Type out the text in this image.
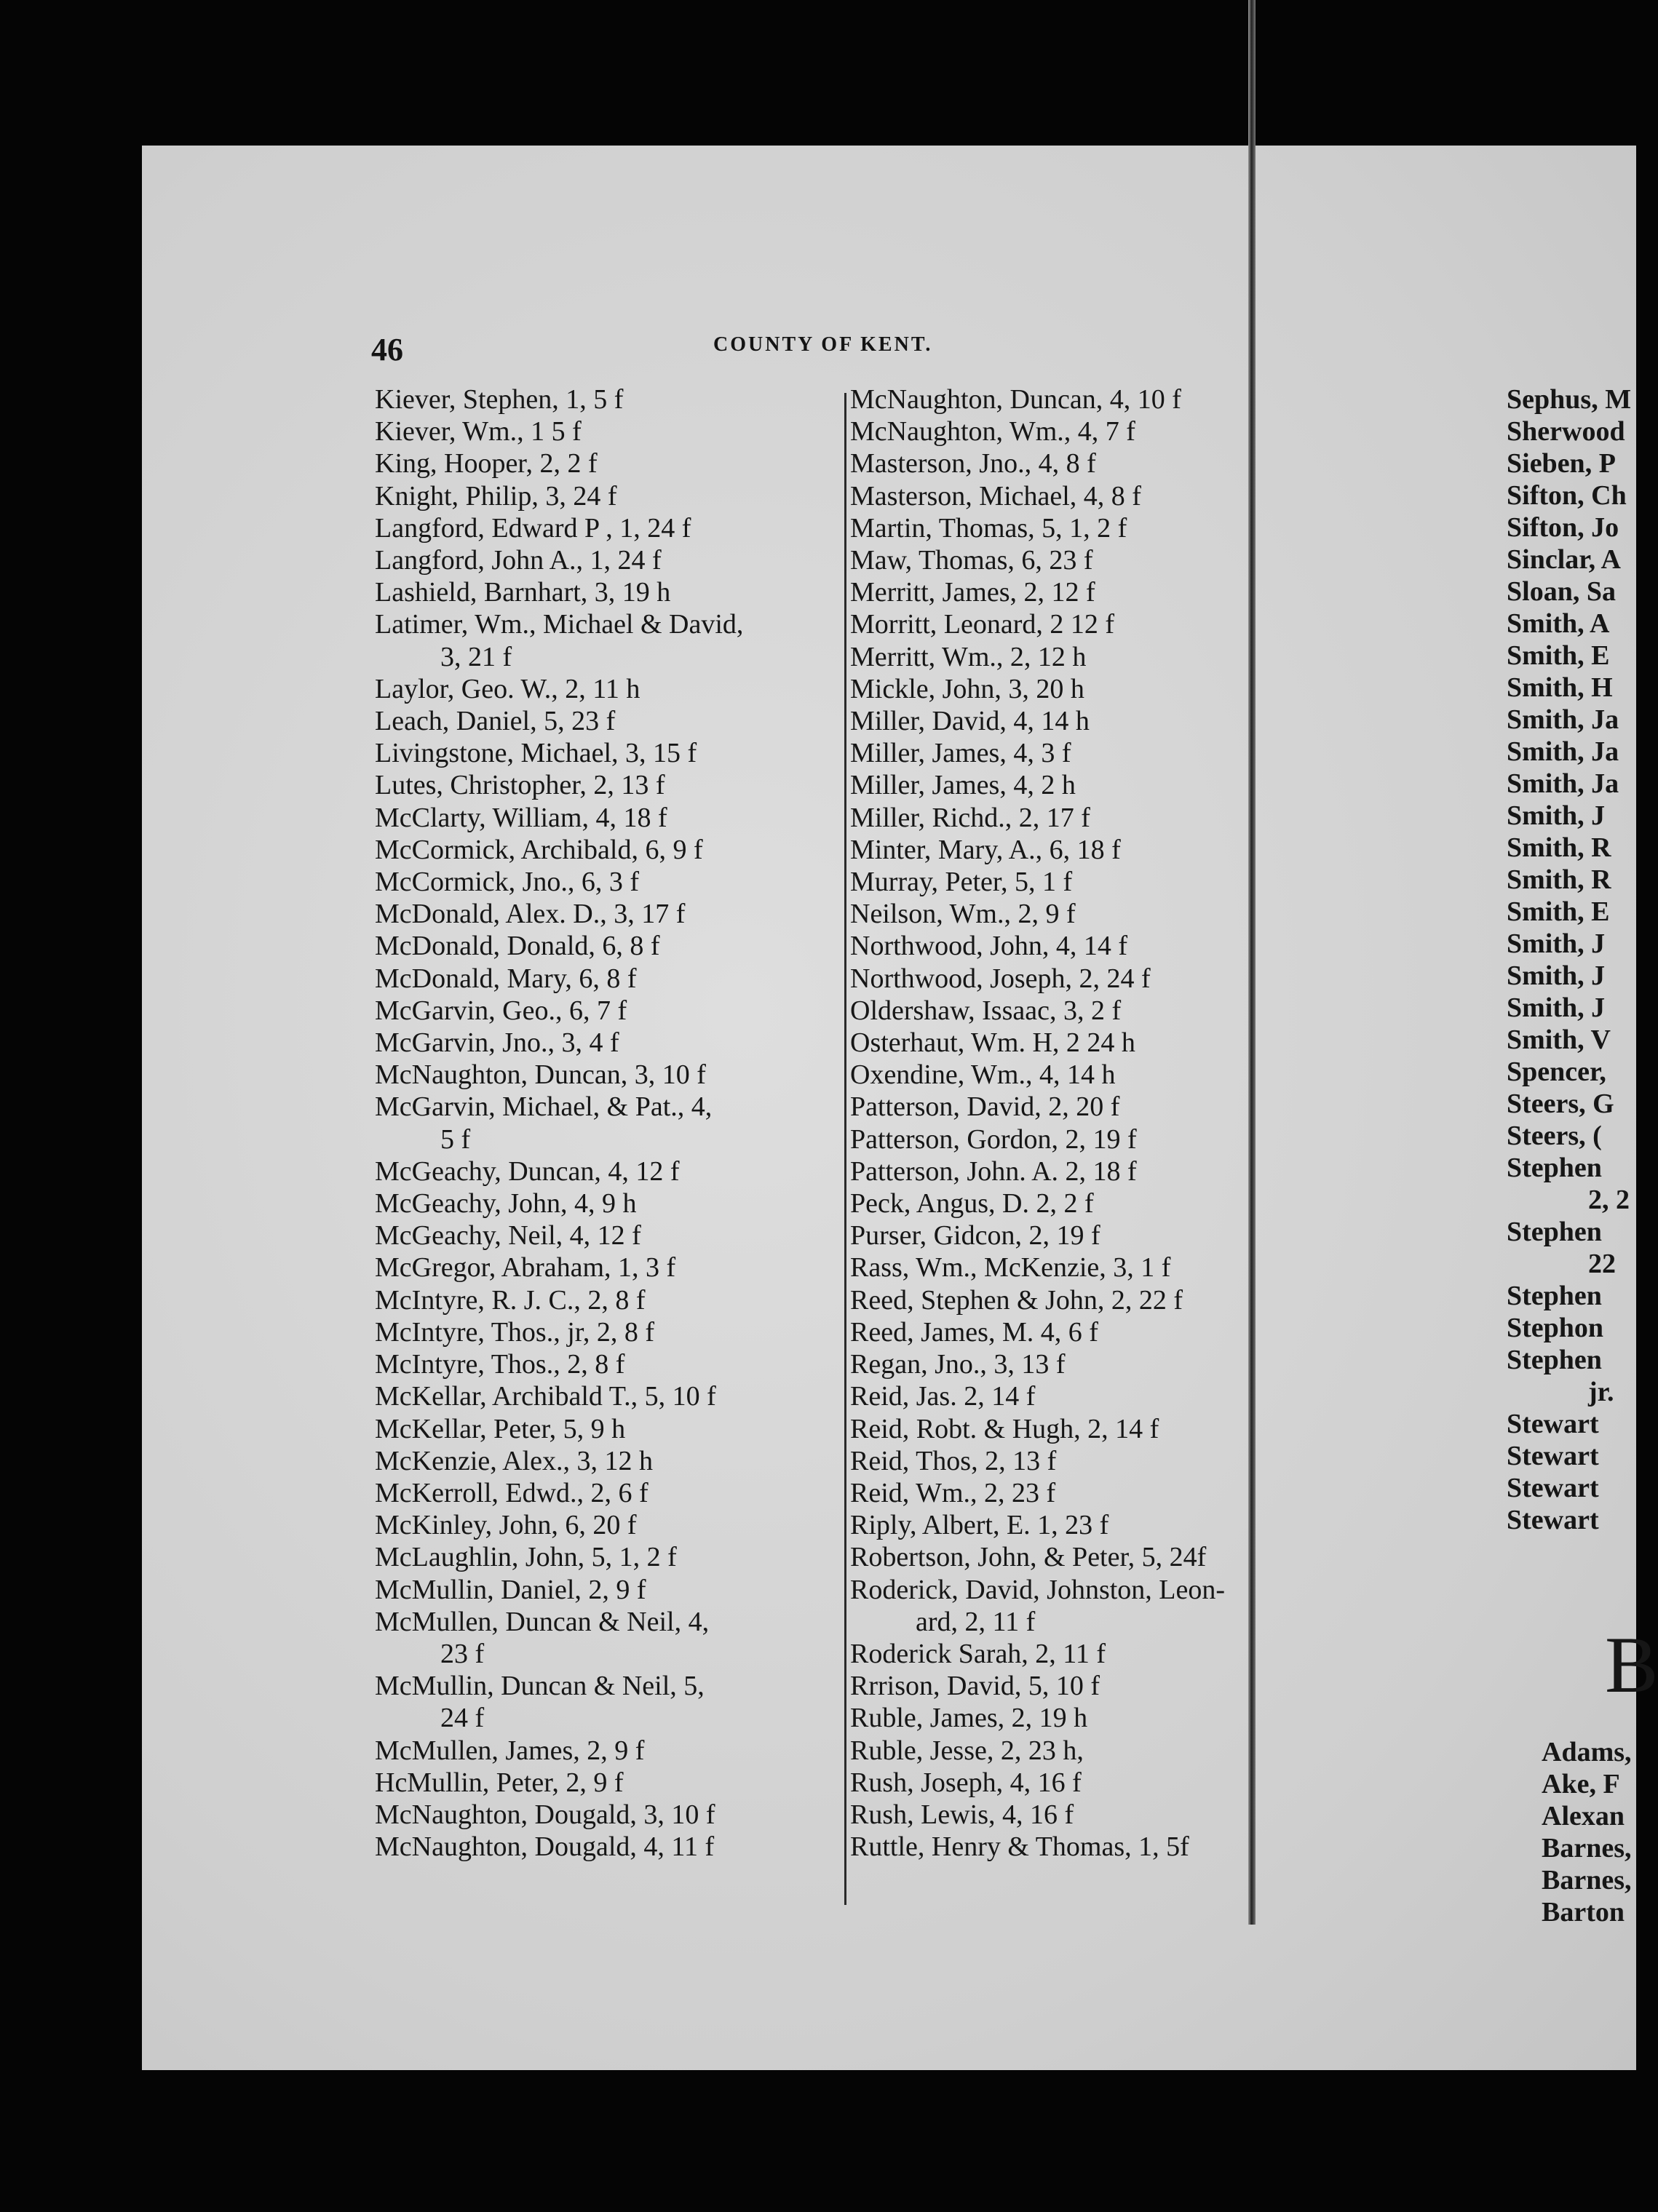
46	COUNTY OF KENT.
Kiever, Stephen, 1, 5 f
Kiever, Wm., 1 5 f
King, Hooper, 2, 2 f
Knight, Philip, 3, 24 f
Langford, Edward P , 1, 24 f
Langford, John A., 1, 24 f
Lashield, Barnhart, 3, 19 h
Latimer, Wm., Michael & David,
3, 21 f
Laylor, Geo. W., 2, 11 h
Leach, Daniel, 5, 23 f
Livingstone, Michael, 3, 15 f
Lutes, Christopher, 2, 13 f
McClarty, William, 4, 18 f
McCormick, Archibald, 6, 9 f
McCormick, Jno., 6, 3 f
McDonald, Alex. D., 3, 17 f
McDonald, Donald, 6, 8 f
McDonald, Mary, 6, 8 f
McGarvin, Geo., 6, 7 f
McGarvin, Jno., 3, 4 f
McNaughton, Duncan, 3, 10 f
McGarvin, Michael, & Pat., 4,
5 f
McGeachy, Duncan, 4, 12 f
McGeachy, John, 4, 9 h
McGeachy, Neil, 4, 12 f
McGregor, Abraham, 1, 3 f
McIntyre, R. J. C., 2, 8 f
McIntyre, Thos., jr, 2, 8 f
McIntyre, Thos., 2, 8 f
McKellar, Archibald T., 5, 10 f
McKellar, Peter, 5, 9 h
McKenzie, Alex., 3, 12 h
McKerroll, Edwd., 2, 6 f
McKinley, John, 6, 20 f
McLaughlin, John, 5, 1, 2 f
McMullin, Daniel, 2, 9 f
McMullen, Duncan & Neil, 4,
23 f
McMullin, Duncan & Neil, 5,
24 f
McMullen, James, 2, 9 f
HcMullin, Peter, 2, 9 f
McNaughton, Dougald, 3, 10 f
McNaughton, Dougald, 4, 11 f
McNaughton, Duncan, 4, 10 f
McNaughton, Wm., 4, 7 f
Masterson, Jno., 4, 8 f
Masterson, Michael, 4, 8 f
Martin, Thomas, 5, 1, 2 f
Maw, Thomas, 6, 23 f
Merritt, James, 2, 12 f
Morritt, Leonard, 2 12 f
Merritt, Wm., 2, 12 h
Mickle, John, 3, 20 h
Miller, David, 4, 14 h
Miller, James, 4, 3 f
Miller, James, 4, 2 h
Miller, Richd., 2, 17 f
Minter, Mary, A., 6, 18 f
Murray, Peter, 5, 1 f
Neilson, Wm., 2, 9 f
Northwood, John, 4, 14 f
Northwood, Joseph, 2, 24 f
Oldershaw, Issaac, 3, 2 f
Osterhaut, Wm. H, 2 24 h
Oxendine, Wm., 4, 14 h
Patterson, David, 2, 20 f
Patterson, Gordon, 2, 19 f
Patterson, John. A. 2, 18 f
Peck, Angus, D. 2, 2 f
Purser, Gidcon, 2, 19 f
Rass, Wm., McKenzie, 3, 1 f
Reed, Stephen & John, 2, 22 f
Reed, James, M. 4, 6 f
Regan, Jno., 3, 13 f
Reid, Jas. 2, 14 f
Reid, Robt. & Hugh, 2, 14 f
Reid, Thos, 2, 13 f
Reid, Wm., 2, 23 f
Riply, Albert, E. 1, 23 f
Robertson, John, & Peter, 5, 24f
Roderick, David, Johnston, Leon-
ard, 2, 11 f
Roderick Sarah, 2, 11 f
Rrrison, David, 5, 10 f
Ruble, James, 2, 19 h
Ruble, Jesse, 2, 23 h,
Rush, Joseph, 4, 16 f
Rush, Lewis, 4, 16 f
Ruttle, Henry & Thomas, 1, 5f
Sephus, M
Sherwood
Sieben, P
Sifton, Ch
Sifton, Jo
Sinclar, A
Sloan, Sa
Smith, A
Smith, E
Smith, H
Smith, Ja
Smith, Ja
Smith, Ja
Smith, J
Smith, R
Smith, R
Smith, E
Smith, J
Smith, J
Smith, J
Smith, V
Spencer,
Steers, G
Steers, (
Stephen
2, 2
Stephen
22
Stephen
Stephon
Stephen
jr.
Stewart
Stewart
Stewart
Stewart
B
Adams,
Ake, F
Alexan
Barnes,
Barnes,
Barton
